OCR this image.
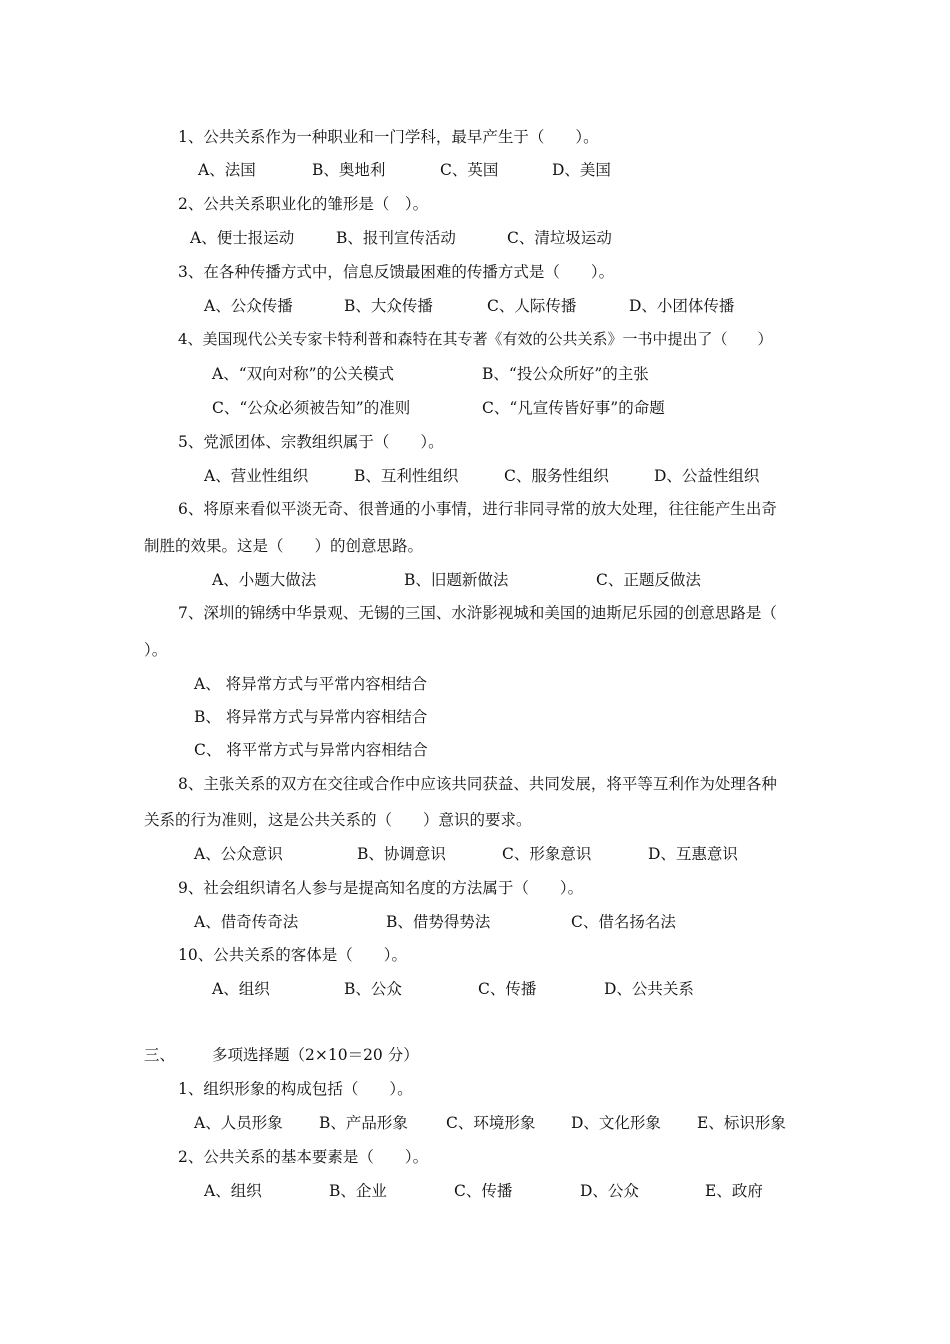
1、公共关系作为一种职业和一门学科，最早产生于（　　）。
A、法国	B、奥地利	C、英国	D、美国
2、公共关系职业化的雏形是（　）。
A、便士报运动	B、报刊宣传活动	C、清垃圾运动
3、在各种传播方式中，信息反馈最困难的传播方式是（　　）。
A、公众传播	B、大众传播	C、人际传播	D、小团体传播
4、美国现代公关专家卡特利普和森特在其专著《有效的公共关系》一书中提出了（　　）
A、“双向对称”的公关模式	B、“投公众所好”的主张
C、“公众必须被告知”的准则	C、“凡宣传皆好事”的命题
5、党派团体、宗教组织属于（　　）。
A、营业性组织	B、互利性组织	C、服务性组织	D、公益性组织
6、将原来看似平淡无奇、很普通的小事情，进行非同寻常的放大处理，往往能产生出奇
制胜的效果。这是（　　）的创意思路。
A、小题大做法	B、旧题新做法	C、正题反做法
7、深圳的锦绣中华景观、无锡的三国、水浒影视城和美国的迪斯尼乐园的创意思路是（
）。
A、 将异常方式与平常内容相结合
B、 将异常方式与异常内容相结合
C、 将平常方式与异常内容相结合
8、主张关系的双方在交往或合作中应该共同获益、共同发展，将平等互利作为处理各种
关系的行为准则，这是公共关系的（　　）意识的要求。
A、公众意识	B、协调意识	C、形象意识	D、互惠意识
9、社会组织请名人参与是提高知名度的方法属于（　　）。
A、借奇传奇法	B、借势得势法	C、借名扬名法
10、公共关系的客体是（　　）。
A、组织	B、公众	C、传播	D、公共关系
三、 多项选择题（2×10＝20 分）
1、组织形象的构成包括（　　）。
A、人员形象 B、产品形象 C、环境形象 D、文化形象 E、标识形象
2、公共关系的基本要素是（　　）。
A、组织	B、企业	C、传播	D、公众	E、政府
